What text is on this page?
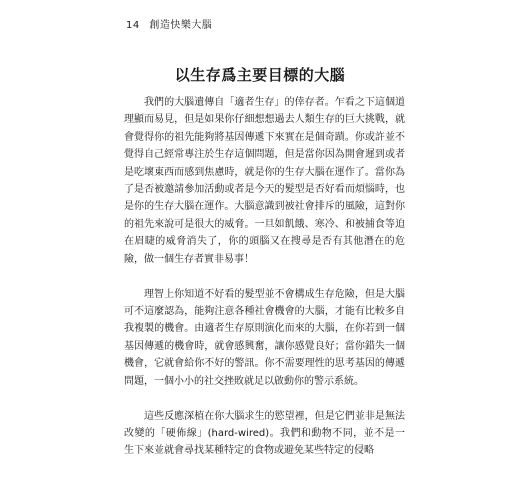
14 創造快樂大腦
以生存爲主要目標的大腦

我們的大腦遺傳自「適者生存」的倖存者。乍看之下這個道理顯而易見，但是如果你仔細想想過去人類生存的巨大挑戰，就會覺得你的祖先能夠將基因傳遞下來實在是個奇蹟。你或許並不覺得自己經常專注於生存這個問題，但是當你因為開會遲到或者是吃壞東西而感到焦慮時，就是你的生存大腦在運作了。當你為了是否被邀請參加活動或者是今天的髮型是否好看而煩惱時，也是你的生存大腦在運作。大腦意識到被社會排斥的風險，這對你的祖先來說可是很大的威脅。一旦如飢餓、寒冷、和被捕食等迫在眉睫的威脅消失了，你的頭腦又在搜尋是否有其他潛在的危險，做一個生存者實非易事！

理智上你知道不好看的髮型並不會構成生存危險，但是大腦可不這麼認為，能夠注意各種社會機會的大腦，才能有比較多自我複製的機會。由適者生存原則演化而來的大腦，在你若到一個基因傳遞的機會時，就會感興奮，讓你感覺良好；當你錯失一個機會，它就會給你不好的警訊。你不需要理性的思考基因的傳遞問題，一個小小的社交挫敗就足以啟動你的警示系統。

這些反應深植在你大腦求生的慾望裡，但是它們並非是無法改變的「硬佈線」(hard-wired)。我們和動物不同，並不是一生下來並就會尋找某種特定的食物或避免某些特定的侵略
